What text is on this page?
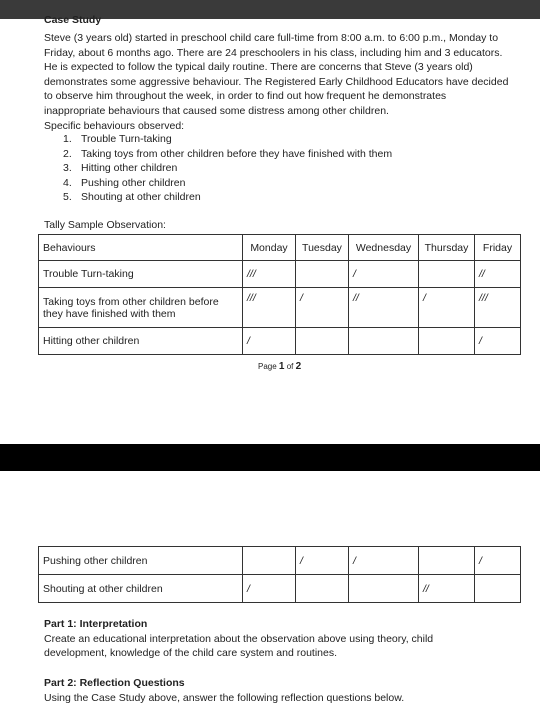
Case Study
Steve (3 years old) started in preschool child care full-time from 8:00 a.m. to 6:00 p.m., Monday to
Friday, about 6 months ago. There are 24 preschoolers in his class, including him and 3 educators.
He is expected to follow the typical daily routine. There are concerns that Steve (3 years old)
demonstrates some aggressive behaviour. The Registered Early Childhood Educators have decided
to observe him throughout the week, in order to find out how frequent he demonstrates
inappropriate behaviours that caused some distress among other children.
Specific behaviours observed:
1. Trouble Turn-taking
2. Taking toys from other children before they have finished with them
3. Hitting other children
4. Pushing other children
5. Shouting at other children
Tally Sample Observation:
Behaviours	Monday	Tuesday	Wednesday	Thursday	Friday
Trouble Turn-taking	///		/		//

Taking toys from other children before
they have finished with them	///	/	//	/	///
Hitting other children	/				/
Page 1 of 2
Pushing other children		/	/		/
Shouting at other children	/			//	
Part 1: Interpretation
Create an educational interpretation about the observation above using theory, child
development, knowledge of the child care system and routines.
Part 2: Reflection Questions
Using the Case Study above, answer the following reflection questions below.
